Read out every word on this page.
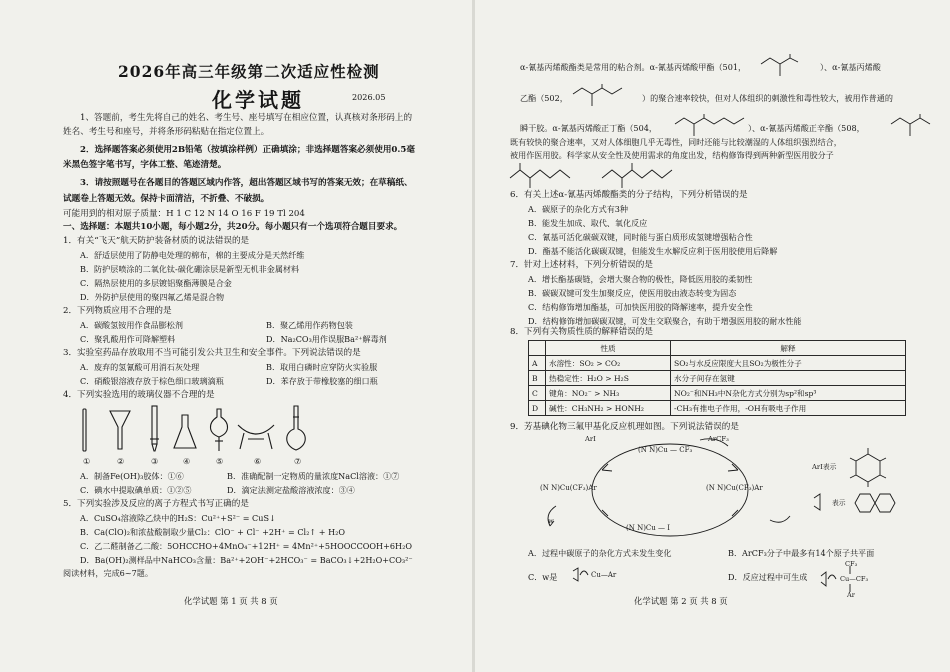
2026年高三年级第二次适应性检测
化学试题	2026.05
1、答题前，考生先将自己的姓名、考生号、座号填写在相应位置，认真核对条形码上的
姓名、考生号和座号，并将条形码粘贴在指定位置上。
2．选择题答案必须使用2B铅笔（按填涂样例）正确填涂；非选择题答案必须使用0.5毫
米黑色签字笔书写，字体工整、笔迹清楚。
3．请按照题号在各题目的答题区域内作答，超出答题区域书写的答案无效；在草稿纸、
试题卷上答题无效。保持卡面清洁，不折叠、不破损。
可能用到的相对原子质量：H 1 C 12 N 14 O 16 F 19 Tl 204
一、选择题：本题共10小题，每小题2分，共20分。每小题只有一个选项符合题目要求。
1．有关“飞天”航天防护装备材质的说法错误的是
A．舒适层使用了防静电处理的棉布，棉的主要成分是天然纤维
B．防护层喷涂的二氧化钛-碳化硼涂层是新型无机非金属材料
C．隔热层使用的多层镀铝聚酯薄膜是合金
D．外防护层使用的聚四氟乙烯是混合物
2．下列物质应用不合理的是
A．碳酸氢铵用作食品膨松剂	B．聚乙烯用作药物包装
C．聚乳酸用作可降解塑料	D．Na₂CO₃用作误服Ba²⁺解毒剂
3．实验室药品存放取用不当可能引发公共卫生和安全事件。下列说法错误的是
A．废弃的氢氰酸可用消石灰处理	B．取用白磷时应穿防火实验服
C．硝酸银溶液存放于棕色细口玻璃滴瓶	D．苯存放于带橡胶塞的细口瓶
4．下列实验选用的玻璃仪器不合理的是
①	②	③	④	⑤	⑥	⑦
A．制备Fe(OH)₃胶体：①⑥	B．准确配制一定物质的量浓度NaCl溶液：①⑦
C．碘水中提取碘单质：①②⑤	D．滴定法测定盐酸溶液浓度：③④
5．下列实验涉及反应的离子方程式书写正确的是
A．CuSO₄溶液除乙炔中的H₂S：Cu²⁺+S²⁻ = CuS↓
B．Ca(ClO)₂和浓盐酸制取少量Cl₂：ClO⁻ + Cl⁻ +2H⁺ = Cl₂↑ + H₂O
C．乙二醛制备乙二酸：5OHCCHO+4MnO₄⁻+12H⁺ = 4Mn²⁺+5HOOCCOOH+6H₂O
D．Ba(OH)₂测样品中NaHCO₃含量：Ba²⁺+2OH⁻+2HCO₃⁻ = BaCO₃↓+2H₂O+CO₃²⁻
阅读材料，完成6~7题。
化学试题 第 1 页 共 8 页
α-氰基丙烯酸酯类是常用的粘合剂。α-氰基丙烯酸甲酯（501，	）、α-氰基丙烯酸
乙酯（502，	）的聚合速率较快，但对人体组织的刺激性和毒性较大，被用作普通的
瞬干胶。α-氰基丙烯酸正丁酯（504，	）、α-氰基丙烯酸正辛酯（508，
既有较快的聚合速率，又对人体细胞几乎无毒性，同时还能与比较潮湿的人体组织强烈结合，
被用作医用胶。科学家从安全性及使用需求的角度出发，结构修饰得到两种新型医用胶分子
6．有关上述α-氰基丙烯酸酯类的分子结构，下列分析错误的是
A．碳原子的杂化方式有3种
B．能发生加成、取代、氧化反应
C．氰基可活化碳碳双键，同时能与蛋白质形成氢键增强粘合性
D．酯基不能活化碳碳双键，但能发生水解反应利于医用胶使用后降解
7．针对上述材料，下列分析错误的是
A．增长酯基碳链，会增大聚合物的极性，降低医用胶的柔韧性
B．碳碳双键可发生加聚反应，使医用胶由液态转变为固态
C．结构修饰增加酯基，可加快医用胶的降解速率，提升安全性
D．结构修饰增加碳碳双键，可发生交联聚合，有助于增强医用胶的耐水性能
8．下列有关物质性质的解释错误的是
	性质	解释
A	水溶性：SO₂ > CO₂	SO₂与水反应限度大且SO₂为极性分子
B	热稳定性：H₂O > H₂S	水分子间存在氢键
C	键角：NO₂⁻ > NH₃	NO₂⁻和NH₃中N杂化方式分别为sp²和sp³
D	碱性：CH₃NH₂ > HONH₂	-CH₃有推电子作用，-OH有吸电子作用
9．芳基碘化物三氟甲基化反应机理如图。下列说法错误的是
(N N)Cu — CF₃
(N N)Cu(CF₃)Ar
(N N)Cu — I
(N N)Cu(CF₃)Ar
ArI	ArCF₃
w
ArI表示
表示
A．过程中碳原子的杂化方式未发生变化	B．ArCF₃分子中最多有14个原子共平面
C．w是	Cu—Ar	D．反应过程中可生成	Cu—CF₃
CF₃
Ar
化学试题 第 2 页 共 8 页
